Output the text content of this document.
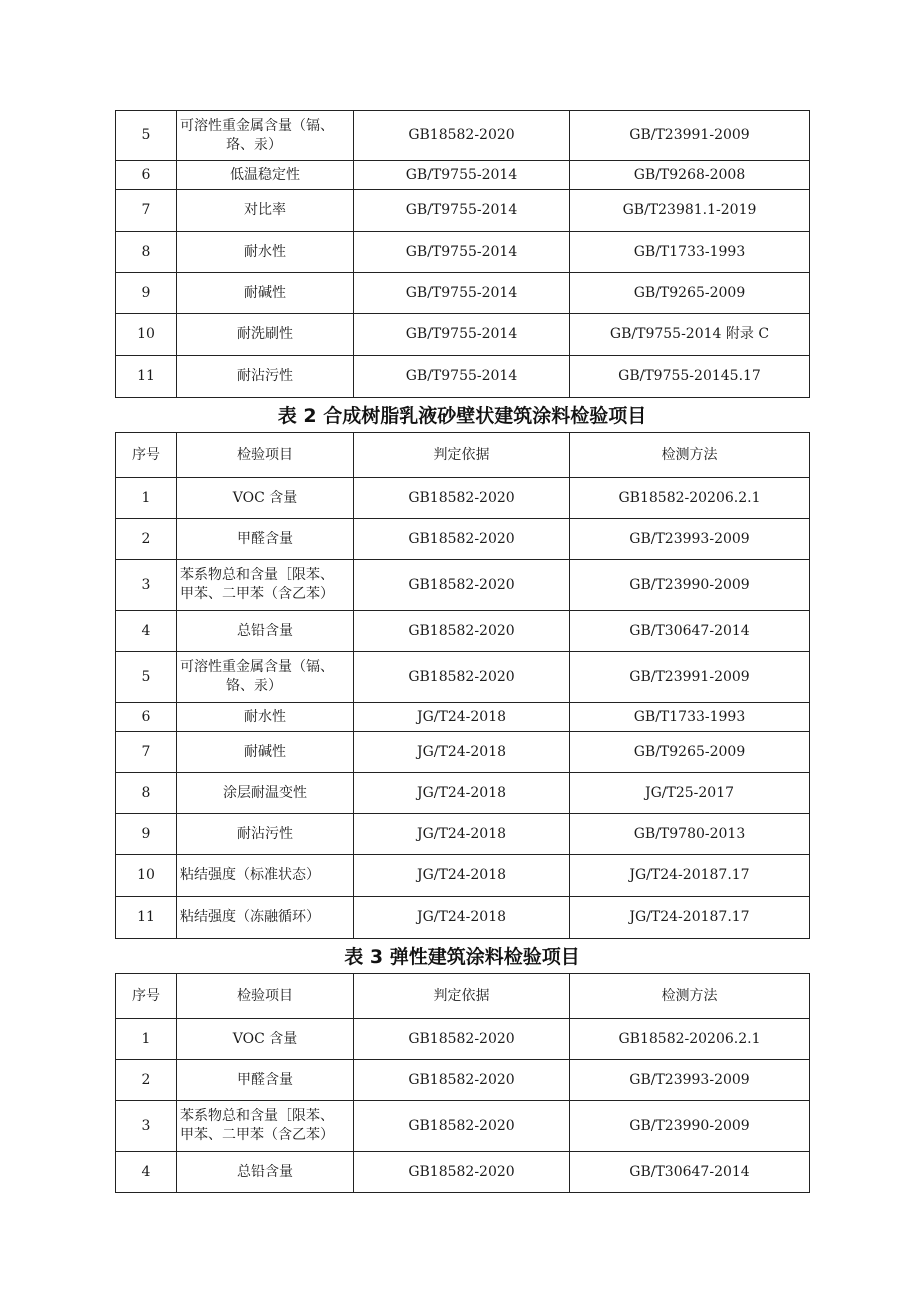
5	可溶性重金属含量（镉、
珞、汞）	GB18582-2020	GB/T23991-2009
6	低温稳定性	GB/T9755-2014	GB/T9268-2008
7	对比率	GB/T9755-2014	GB/T23981.1-2019
8	耐水性	GB/T9755-2014	GB/T1733-1993
9	耐碱性	GB/T9755-2014	GB/T9265-2009
10	耐洗刷性	GB/T9755-2014	GB/T9755-2014 附录 C
11	耐沾污性	GB/T9755-2014	GB/T9755-20145.17
表 2 合成树脂乳液砂壁状建筑涂料检验项目
序号	检验项目	判定依据	检测方法
1	VOC 含量	GB18582-2020	GB18582-20206.2.1
2	甲醛含量	GB18582-2020	GB/T23993-2009
3	苯系物总和含量［限苯、
甲苯、二甲苯（含乙苯）	GB18582-2020	GB/T23990-2009
4	总铅含量	GB18582-2020	GB/T30647-2014
5	可溶性重金属含量（镉、
铬、汞）	GB18582-2020	GB/T23991-2009
6	耐水性	JG/T24-2018	GB/T1733-1993
7	耐碱性	JG/T24-2018	GB/T9265-2009
8	涂层耐温变性	JG/T24-2018	JG/T25-2017
9	耐沾污性	JG/T24-2018	GB/T9780-2013
10	粘结强度（标准状态）	JG/T24-2018	JG/T24-20187.17
11	粘结强度（冻融循环）	JG/T24-2018	JG/T24-20187.17
表 3 弹性建筑涂料检验项目
序号	检验项目	判定依据	检测方法
1	VOC 含量	GB18582-2020	GB18582-20206.2.1
2	甲醛含量	GB18582-2020	GB/T23993-2009
3	苯系物总和含量［限苯、
甲苯、二甲苯（含乙苯）	GB18582-2020	GB/T23990-2009
4	总铅含量	GB18582-2020	GB/T30647-2014
